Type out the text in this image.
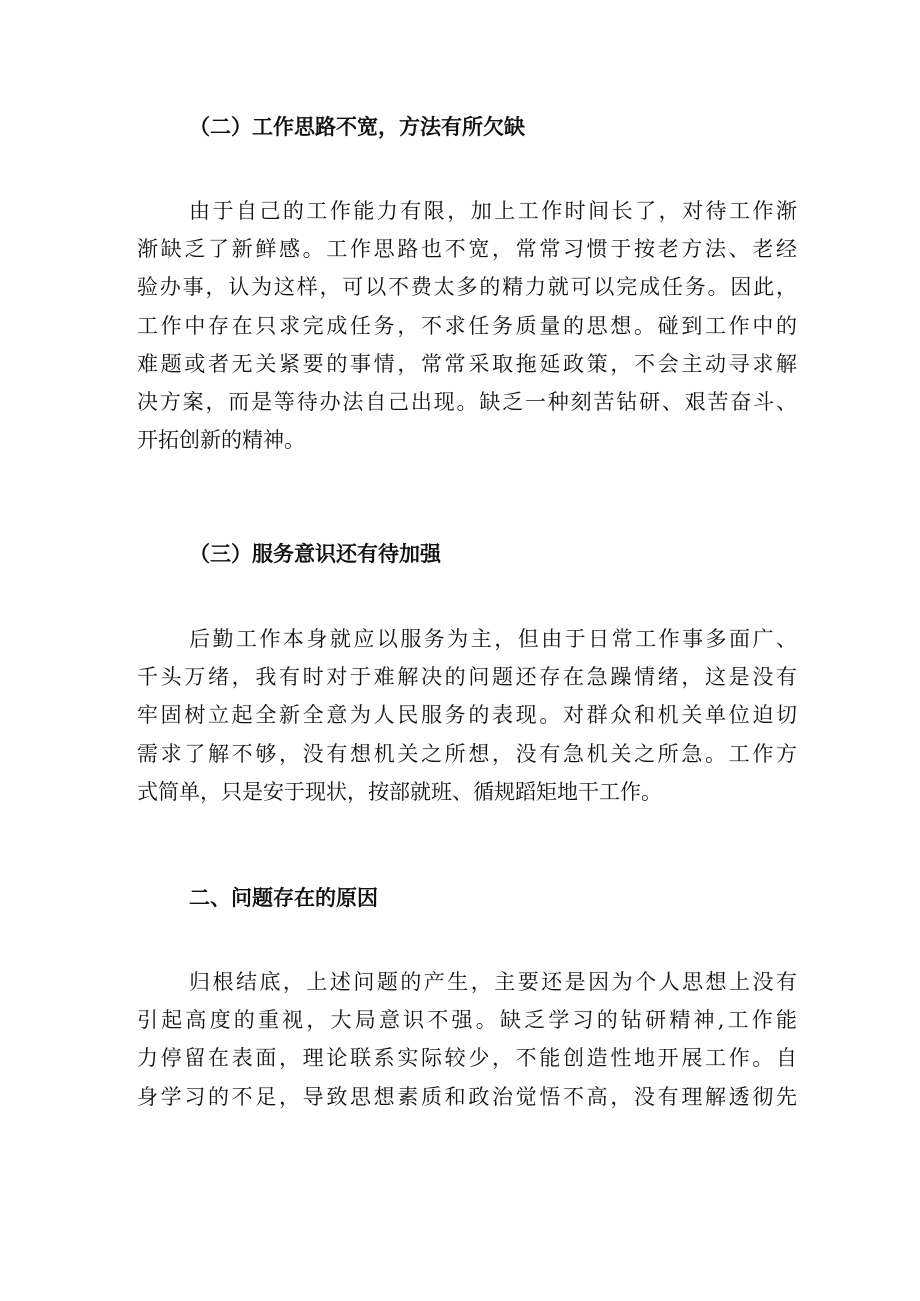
（二）工作思路不宽，方法有所欠缺
由于自己的工作能力有限，加上工作时间长了，对待工作渐
渐缺乏了新鲜感。工作思路也不宽，常常习惯于按老方法、老经
验办事，认为这样，可以不费太多的精力就可以完成任务。因此，
工作中存在只求完成任务，不求任务质量的思想。碰到工作中的
难题或者无关紧要的事情，常常采取拖延政策，不会主动寻求解
决方案，而是等待办法自己出现。缺乏一种刻苦钻研、艰苦奋斗、
开拓创新的精神。
（三）服务意识还有待加强
后勤工作本身就应以服务为主，但由于日常工作事多面广、
千头万绪，我有时对于难解决的问题还存在急躁情绪，这是没有
牢固树立起全新全意为人民服务的表现。对群众和机关单位迫切
需求了解不够，没有想机关之所想，没有急机关之所急。工作方
式简单，只是安于现状，按部就班、循规蹈矩地干工作。
二、问题存在的原因
归根结底，上述问题的产生，主要还是因为个人思想上没有
引起高度的重视，大局意识不强。缺乏学习的钻研精神,工作能
力停留在表面，理论联系实际较少，不能创造性地开展工作。自
身学习的不足，导致思想素质和政治觉悟不高，没有理解透彻先
